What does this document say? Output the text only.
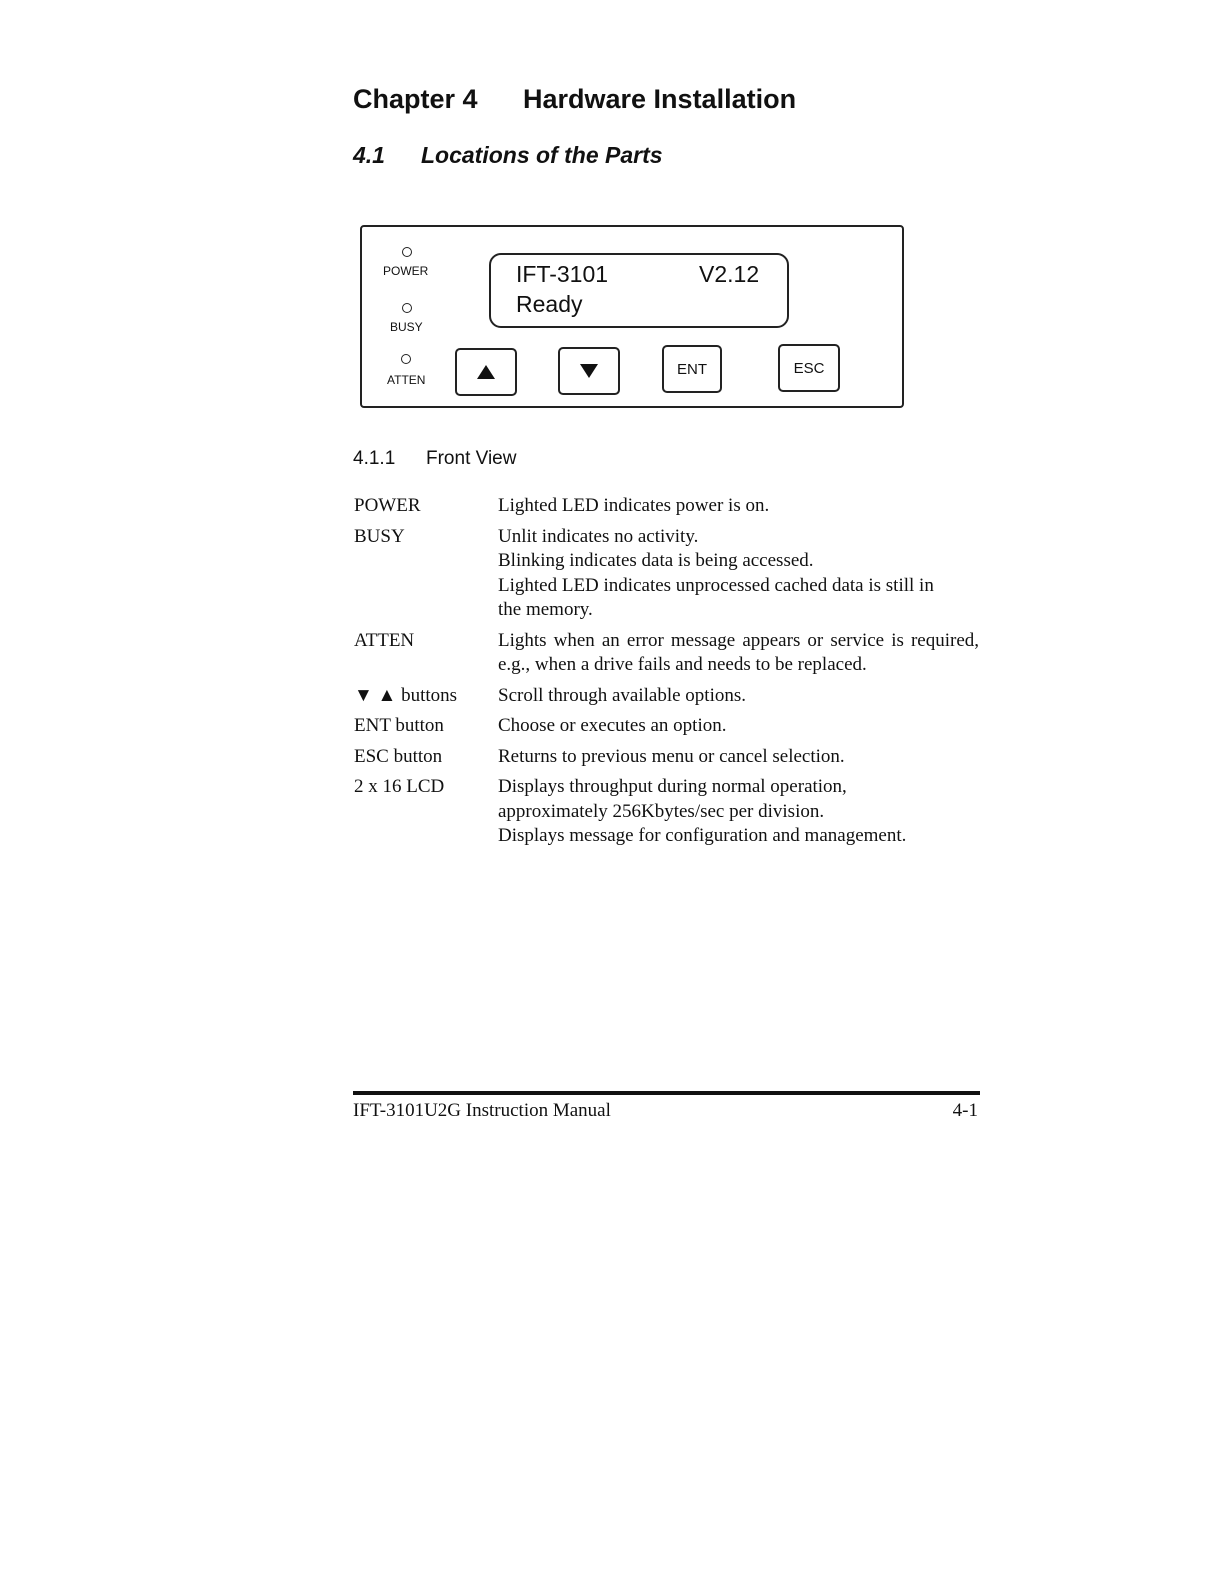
Chapter 4 Hardware Installation
4.1 Locations of the Parts
POWER
BUSY
ATTEN
IFT-3101	V2.12
Ready
ENT	ESC
4.1.1 Front View
POWER	Lighted LED indicates power is on.
BUSY	Unlit indicates no activity.
Blinking indicates data is being accessed.
Lighted LED indicates unprocessed cached data is still in the memory.
ATTEN	Lights when an error message appears or service is required, e.g., when a drive fails and needs to be replaced.
▼ ▲ buttons	Scroll through available options.
ENT button	Choose or executes an option.
ESC button	Returns to previous menu or cancel selection.
2 x 16 LCD	Displays throughput during normal operation, approximately 256Kbytes/sec per division.
Displays message for configuration and management.
IFT-3101U2G Instruction Manual	4-1
